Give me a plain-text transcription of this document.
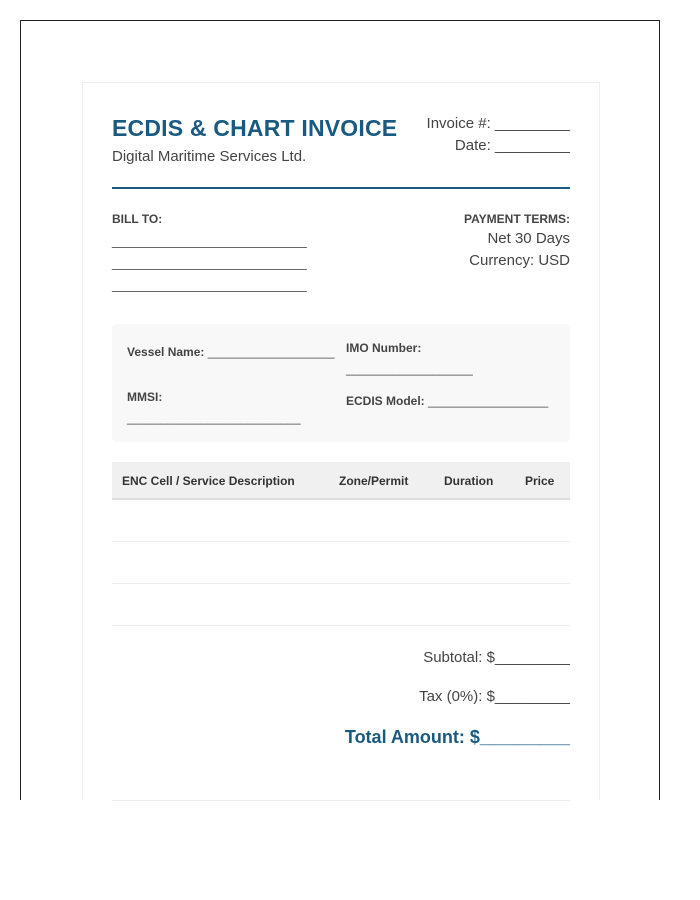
ECDIS & CHART INVOICE
Digital Maritime Services Ltd.
Invoice #: _________
Date: _________
BILL TO:
_________________________
_________________________
_________________________
PAYMENT TERMS:
Net 30 Days
Currency: USD
Vessel Name: ___________________ IMO Number:
___________________
MMSI:
__________________________
ECDIS Model: __________________
ENC Cell / Service Description	Zone/Permit	Duration	Price
Subtotal: $_________
Tax (0%): $_________
Total Amount: $_________
